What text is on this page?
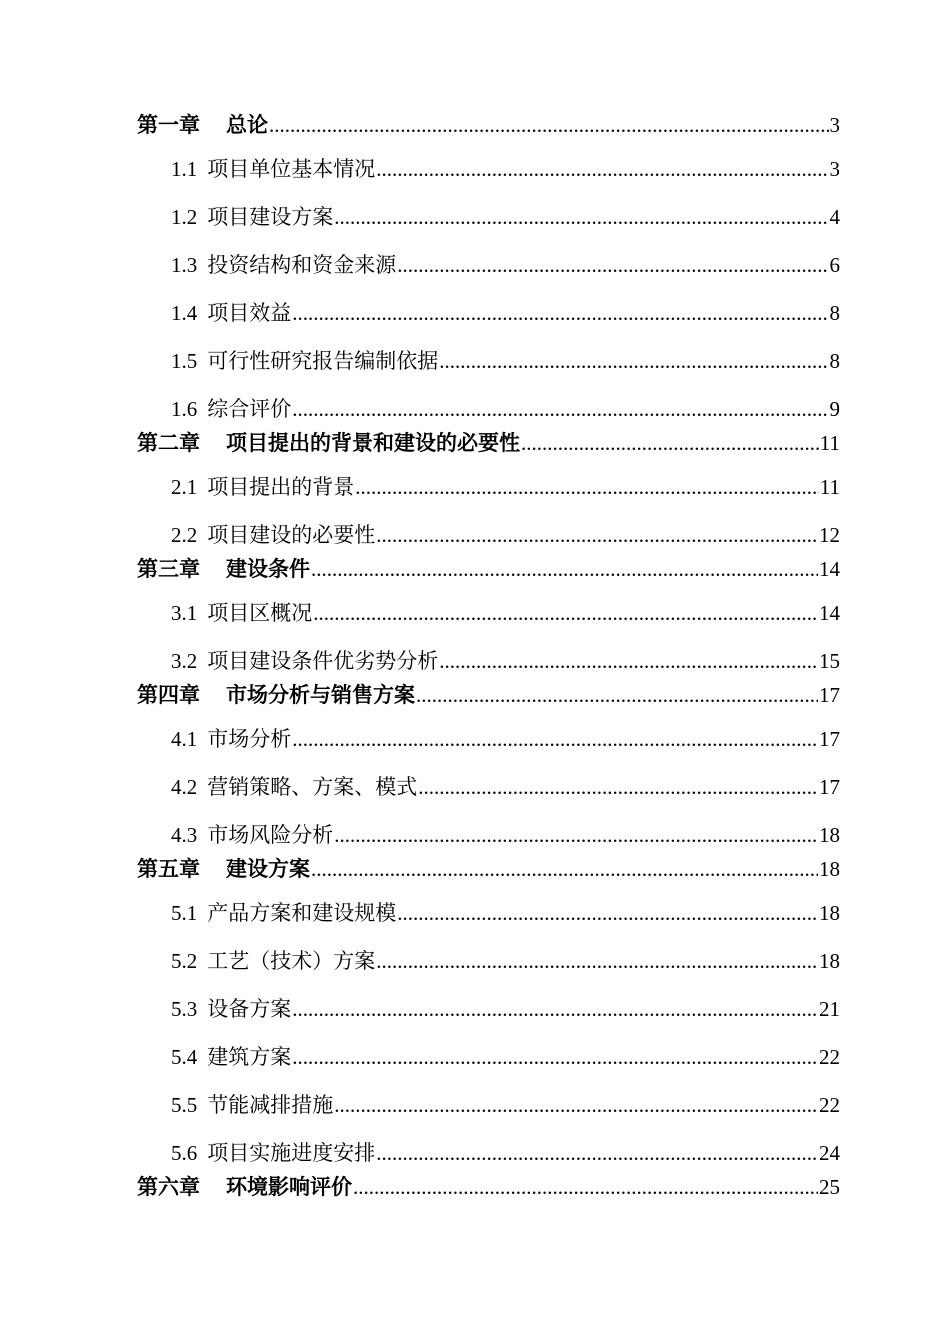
第一章 总论 .....	3
1.1 项目单位基本情况 .....	3
1.2 项目建设方案 .....	4
1.3 投资结构和资金来源 .....	6
1.4 项目效益 .....	8
1.5 可行性研究报告编制依据 .....	8
1.6 综合评价 .....	9
第二章 项目提出的背景和建设的必要性 .....	11
2.1 项目提出的背景 .....	11
2.2 项目建设的必要性 .....	12
第三章 建设条件 .....	14
3.1 项目区概况 .....	14
3.2 项目建设条件优劣势分析 .....	15
第四章 市场分析与销售方案 .....	17
4.1 市场分析 .....	17
4.2 营销策略、方案、模式 .....	17
4.3 市场风险分析 .....	18
第五章 建设方案 .....	18
5.1 产品方案和建设规模 .....	18
5.2 工艺（技术）方案 .....	18
5.3 设备方案 .....	21
5.4 建筑方案 .....	22
5.5 节能减排措施 .....	22
5.6 项目实施进度安排 .....	24
第六章 环境影响评价 .....	25
